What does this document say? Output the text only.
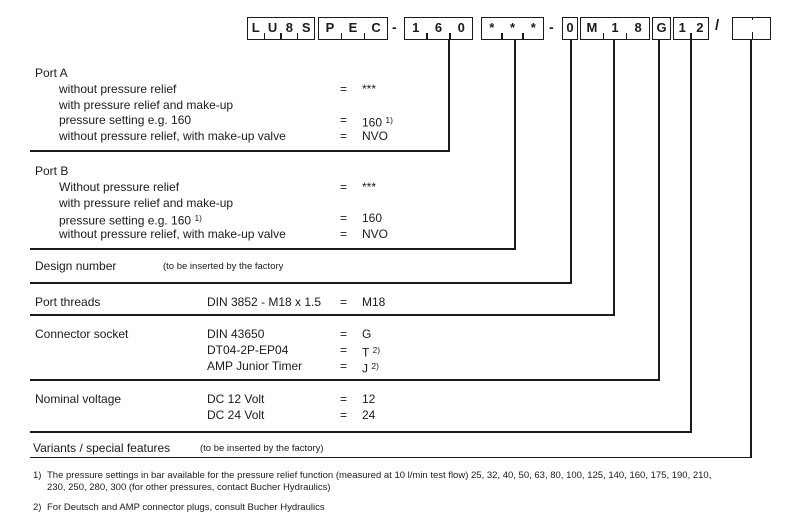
L U 8 S	P	E	C -	1	6	0	*	*	* - 0 M	1	8	G 1 2 /
Port A
without pressure relief	= ***
with pressure relief and make-up
pressure setting e.g. 160	= 160 $^{1)}$
without pressure relief, with make-up valve	= NVO
Port B
Without pressure relief	= ***
with pressure relief and make-up
pressure setting e.g. 160 $^{1)}$	= 160
without pressure relief, with make-up valve	= NVO
Design number	(to be inserted by the factory
Port threads	DIN 3852 - M18 x 1.5 = M18
Connector socket	DIN 43650	= G
DT04-2P-EP04	= T $^{2)}$
AMP Junior Timer	= J $^{2)}$
Nominal voltage	DC 12 Volt	= 12
DC 24 Volt	= 24
Variants / special features	(to be inserted by the factory)
1) The pressure settings in bar available for the pressure relief function (measured at 10 l/min test flow) 25, 32, 40, 50, 63, 80, 100, 125, 140, 160, 175, 190, 210,
230, 250, 280, 300 (for other pressures, contact Bucher Hydraulics)
2) For Deutsch and AMP connector plugs, consult Bucher Hydraulics
